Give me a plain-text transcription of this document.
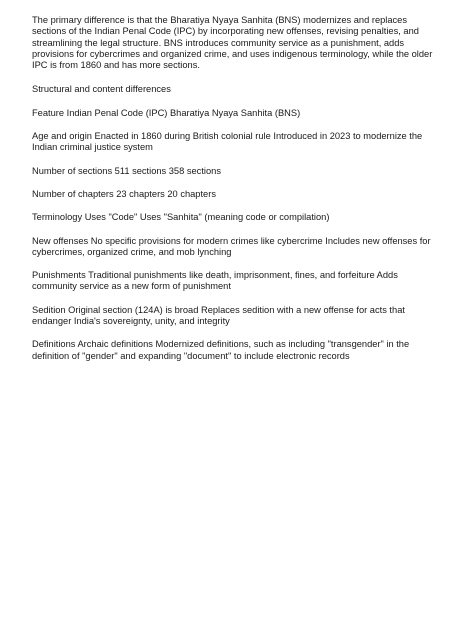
The primary difference is that the Bharatiya Nyaya Sanhita (BNS) modernizes and replaces sections of the Indian Penal Code (IPC) by incorporating new offenses, revising penalties, and streamlining the legal structure. BNS introduces community service as a punishment, adds provisions for cybercrimes and organized crime, and uses indigenous terminology, while the older IPC is from 1860 and has more sections.

Structural and content differences

Feature Indian Penal Code (IPC) Bharatiya Nyaya Sanhita (BNS)

Age and origin Enacted in 1860 during British colonial rule Introduced in 2023 to modernize the Indian criminal justice system

Number of sections 511 sections 358 sections

Number of chapters 23 chapters 20 chapters

Terminology Uses "Code" Uses "Sanhita" (meaning code or compilation)

New offenses No specific provisions for modern crimes like cybercrime Includes new offenses for cybercrimes, organized crime, and mob lynching

Punishments Traditional punishments like death, imprisonment, fines, and forfeiture Adds community service as a new form of punishment

Sedition Original section (124A) is broad Replaces sedition with a new offense for acts that endanger India's sovereignty, unity, and integrity

Definitions Archaic definitions Modernized definitions, such as including "transgender" in the definition of "gender" and expanding "document" to include electronic records
